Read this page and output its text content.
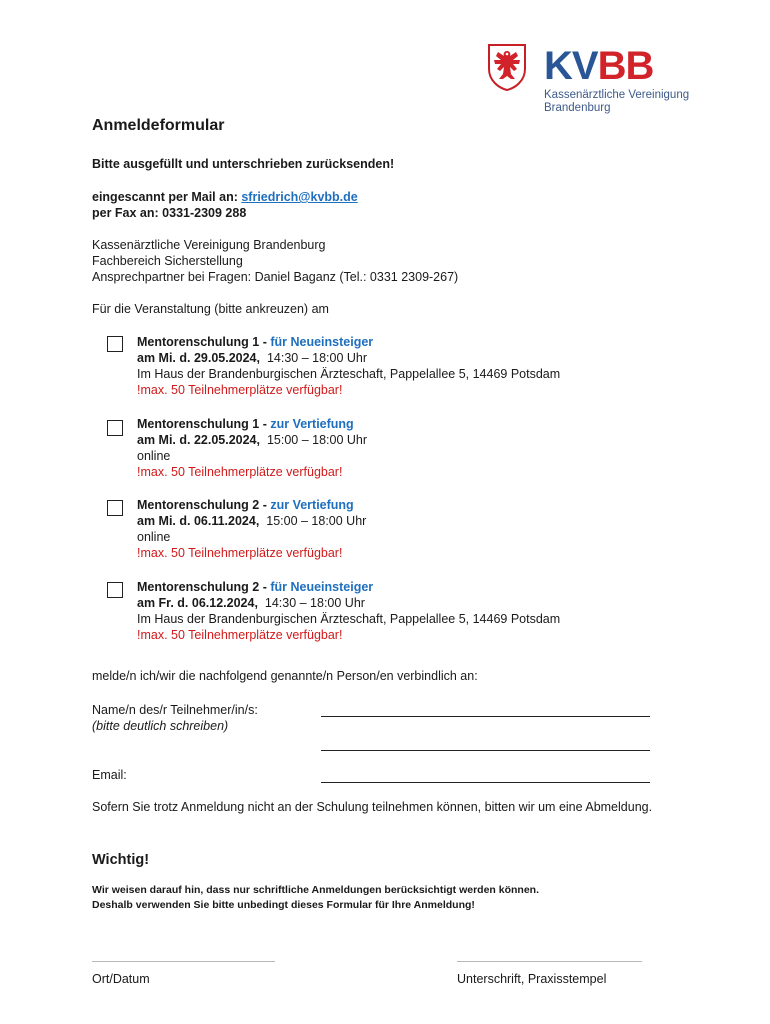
KVBB
Kassenärztliche Vereinigung
Brandenburg
Anmeldeformular
Bitte ausgefüllt und unterschrieben zurücksenden!
eingescannt per Mail an: sfriedrich@kvbb.de
per Fax an: 0331-2309 288
Kassenärztliche Vereinigung Brandenburg
Fachbereich Sicherstellung
Ansprechpartner bei Fragen: Daniel Baganz (Tel.: 0331 2309-267)
Für die Veranstaltung (bitte ankreuzen) am
Mentorenschulung 1 - für Neueinsteiger
am Mi. d. 29.05.2024, 14:30 – 18:00 Uhr
Im Haus der Brandenburgischen Ärzteschaft, Pappelallee 5, 14469 Potsdam
!max. 50 Teilnehmerplätze verfügbar!
Mentorenschulung 1 - zur Vertiefung
am Mi. d. 22.05.2024, 15:00 – 18:00 Uhr
online
!max. 50 Teilnehmerplätze verfügbar!
Mentorenschulung 2 - zur Vertiefung
am Mi. d. 06.11.2024, 15:00 – 18:00 Uhr
online
!max. 50 Teilnehmerplätze verfügbar!
Mentorenschulung 2 - für Neueinsteiger
am Fr. d. 06.12.2024, 14:30 – 18:00 Uhr
Im Haus der Brandenburgischen Ärzteschaft, Pappelallee 5, 14469 Potsdam
!max. 50 Teilnehmerplätze verfügbar!
melde/n ich/wir die nachfolgend genannte/n Person/en verbindlich an:
Name/n des/r Teilnehmer/in/s:
(bitte deutlich schreiben)
Email:
Sofern Sie trotz Anmeldung nicht an der Schulung teilnehmen können, bitten wir um eine Abmeldung.
Wichtig!
Wir weisen darauf hin, dass nur schriftliche Anmeldungen berücksichtigt werden können.
Deshalb verwenden Sie bitte unbedingt dieses Formular für Ihre Anmeldung!
Ort/Datum	Unterschrift, Praxisstempel
